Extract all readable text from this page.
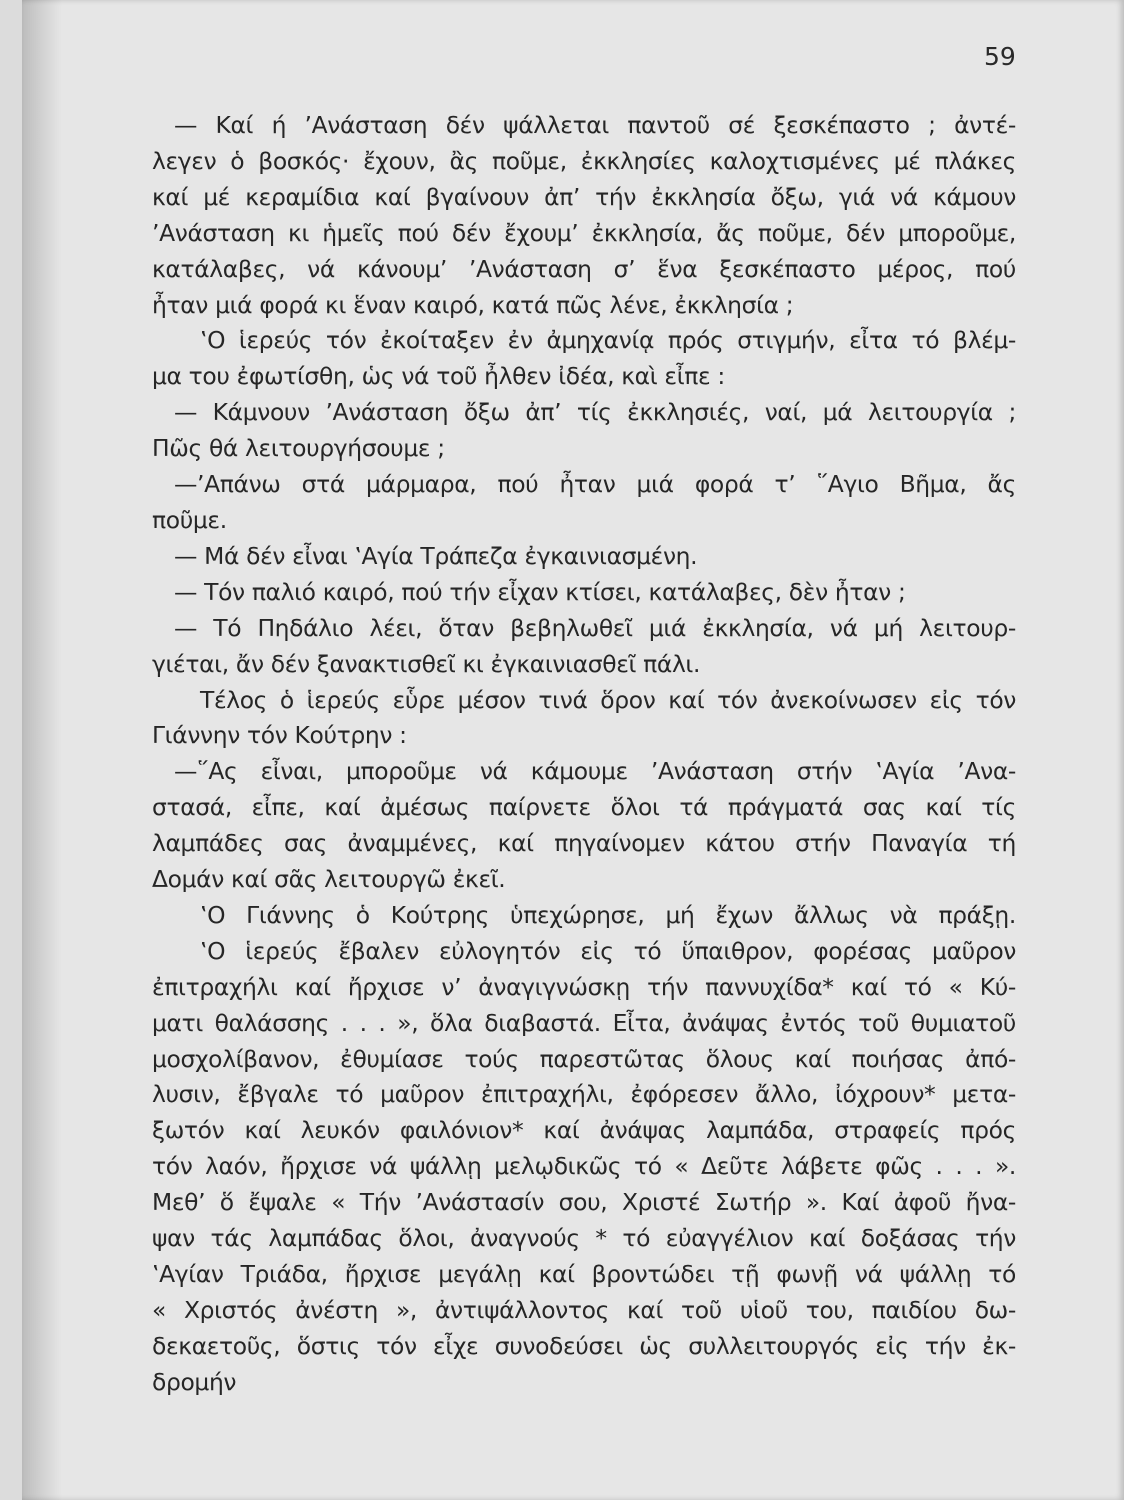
59
— Καί ή ’Ανάσταση δέν ψάλλεται παντοῦ σέ ξεσκέπαστο ; ἀντέ-
λεγεν ὁ βοσκός· ἔχουν, ἂς ποῦμε, ἐκκλησίες καλοχτισμένες μέ πλάκες
καί μέ κεραμίδια καί βγαίνουν ἀπ’ τήν ἐκκλησία ὄξω, γιά νά κάμουν
’Ανάσταση κι ἡμεῖς πού δέν ἔχουμ’ ἐκκλησία, ἄς ποῦμε, δέν μποροῦμε,
κατάλαβες, νά κάνουμ’ ’Ανάσταση σ’ ἕνα ξεσκέπαστο μέρος, πού
ἦταν μιά φορά κι ἕναν καιρό, κατά πῶς λένε, ἐκκλησία ;
‛Ο ἱερεύς τόν ἐκοίταξεν ἐν ἀμηχανίᾳ πρός στιγμήν, εἶτα τό βλέμ-
μα του ἐφωτίσθη, ὡς νά τοῦ ἦλθεν ἰδέα, καὶ εἶπε :
— Κάμνουν ’Ανάσταση ὄξω ἀπ’ τίς ἐκκλησιές, ναί, μά λειτουργία ;
Πῶς θά λειτουργήσουμε ;
—’Απάνω στά μάρμαρα, πού ἦταν μιά φορά τ’ ῞Αγιο Βῆμα, ἄς
ποῦμε.
— Μά δέν εἶναι ‛Αγία Τράπεζα ἐγκαινιασμένη.
— Τόν παλιό καιρό, πού τήν εἶχαν κτίσει, κατάλαβες, δὲν ἦταν ;
— Τό Πηδάλιο λέει, ὅταν βεβηλωθεῖ μιά ἐκκλησία, νά μή λειτουρ-
γιέται, ἄν δέν ξανακτισθεῖ κι ἐγκαινιασθεῖ πάλι.
Τέλος ὁ ἱερεύς εὗρε μέσον τινά ὅρον καί τόν ἀνεκοίνωσεν εἰς τόν
Γιάννην τόν Κούτρην :
—῞Ας εἶναι, μποροῦμε νά κάμουμε ’Ανάσταση στήν ‛Αγία ’Ανα-
στασά, εἶπε, καί ἀμέσως παίρνετε ὅλοι τά πράγματά σας καί τίς
λαμπάδες σας ἀναμμένες, καί πηγαίνομεν κάτου στήν Παναγία τή
Δομάν καί σᾶς λειτουργῶ ἐκεῖ.
‛Ο Γιάννης ὁ Κούτρης ὑπεχώρησε, μή ἔχων ἄλλως νὰ πράξῃ.
‛Ο ἱερεύς ἔβαλεν εὐλογητόν εἰς τό ὕπαιθρον, φορέσας μαῦρον
ἐπιτραχήλι καί ἤρχισε ν’ ἀναγιγνώσκῃ τήν παννυχίδα* καί τό « Κύ-
ματι θαλάσσης . . . », ὅλα διαβαστά. Εἶτα, ἀνάψας ἐντός τοῦ θυμιατοῦ
μοσχολίβανον, ἐθυμίασε τούς παρεστῶτας ὅλους καί ποιήσας ἀπό-
λυσιν, ἔβγαλε τό μαῦρον ἐπιτραχήλι, ἐφόρεσεν ἄλλο, ἰόχρουν* μετα-
ξωτόν καί λευκόν φαιλόνιον* καί ἀνάψας λαμπάδα, στραφείς πρός
τόν λαόν, ἤρχισε νά ψάλλῃ μελῳδικῶς τό « Δεῦτε λάβετε φῶς . . . ».
Μεθ’ ὅ ἔψαλε « Τήν ’Ανάστασίν σου, Χριστέ Σωτήρ ». Καί ἀφοῦ ἤνα-
ψαν τάς λαμπάδας ὅλοι, ἀναγνούς * τό εὐαγγέλιον καί δοξάσας τήν
‛Αγίαν Τριάδα, ἤρχισε μεγάλῃ καί βροντώδει τῇ φωνῇ νά ψάλλῃ τό
« Χριστός ἀνέστη », ἀντιψάλλοντος καί τοῦ υἱοῦ του, παιδίου δω-
δεκαετοῦς, ὅστις τόν εἶχε συνοδεύσει ὡς συλλειτουργός εἰς τήν ἐκ-
δρομήν
